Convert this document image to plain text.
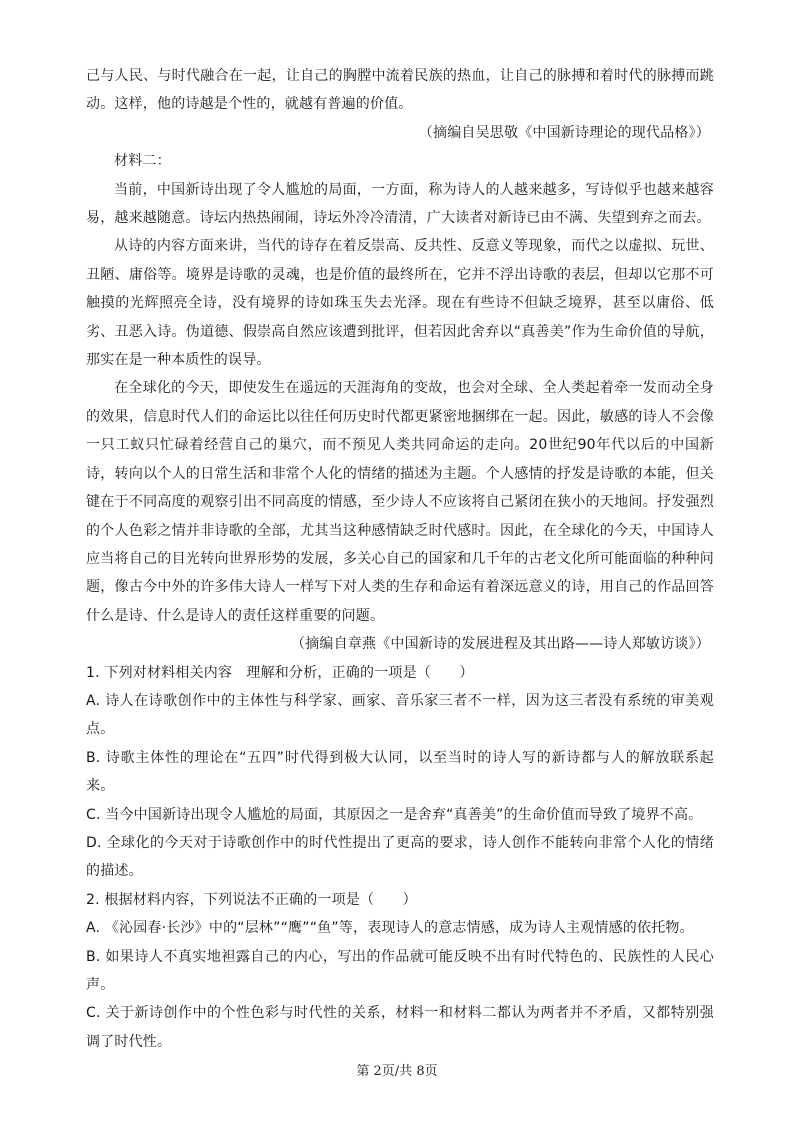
己与人民、与时代融合在一起，让自己的胸膛中流着民族的热血，让自己的脉搏和着时代的脉搏而跳动。这样，他的诗越是个性的，就越有普遍的价值。

（摘编自吴思敬《中国新诗理论的现代品格》）

材料二：

当前，中国新诗出现了令人尴尬的局面，一方面，称为诗人的人越来越多，写诗似乎也越来越容易，越来越随意。诗坛内热热闹闹，诗坛外冷冷清清，广大读者对新诗已由不满、失望到弃之而去。

从诗的内容方面来讲，当代的诗存在着反崇高、反共性、反意义等现象，而代之以虚拟、玩世、丑陋、庸俗等。境界是诗歌的灵魂，也是价值的最终所在，它并不浮出诗歌的表层，但却以它那不可触摸的光辉照亮全诗，没有境界的诗如珠玉失去光泽。现在有些诗不但缺乏境界，甚至以庸俗、低劣、丑恶入诗。伪道德、假崇高自然应该遭到批评，但若因此舍弃以“真善美”作为生命价值的导航，那实在是一种本质性的误导。

在全球化的今天，即使发生在遥远的天涯海角的变故，也会对全球、全人类起着牵一发而动全身的效果，信息时代人们的命运比以往任何历史时代都更紧密地捆绑在一起。因此，敏感的诗人不会像一只工蚁只忙碌着经营自己的巢穴，而不预见人类共同命运的走向。20世纪90年代以后的中国新诗，转向以个人的日常生活和非常个人化的情绪的描述为主题。个人感情的抒发是诗歌的本能，但关键在于不同高度的观察引出不同高度的情感，至少诗人不应该将自己紧闭在狭小的天地间。抒发强烈的个人色彩之情并非诗歌的全部，尤其当这种感情缺乏时代感时。因此，在全球化的今天，中国诗人应当将自己的目光转向世界形势的发展，多关心自己的国家和几千年的古老文化所可能面临的种种问题，像古今中外的许多伟大诗人一样写下对人类的生存和命运有着深远意义的诗，用自己的作品回答什么是诗、什么是诗人的责任这样重要的问题。

（摘编自章燕《中国新诗的发展进程及其出路——诗人郑敏访谈》）

1. 下列对材料相关内容　理解和分析，正确的一项是（　　）

A. 诗人在诗歌创作中的主体性与科学家、画家、音乐家三者不一样，因为这三者没有系统的审美观点。

B. 诗歌主体性的理论在“五四”时代得到极大认同，以至当时的诗人写的新诗都与人的解放联系起来。

C. 当今中国新诗出现令人尴尬的局面，其原因之一是舍弃“真善美”的生命价值而导致了境界不高。

D. 全球化的今天对于诗歌创作中的时代性提出了更高的要求，诗人创作不能转向非常个人化的情绪的描述。

2. 根据材料内容，下列说法不正确的一项是（　　）

A. 《沁园春·长沙》中的“层林”“鹰”“鱼”等，表现诗人的意志情感，成为诗人主观情感的依托物。

B. 如果诗人不真实地袒露自己的内心，写出的作品就可能反映不出有时代特色的、民族性的人民心声。

C. 关于新诗创作中的个性色彩与时代性的关系，材料一和材料二都认为两者并不矛盾，又都特别强调了时代性。

第 2页/共 8页
